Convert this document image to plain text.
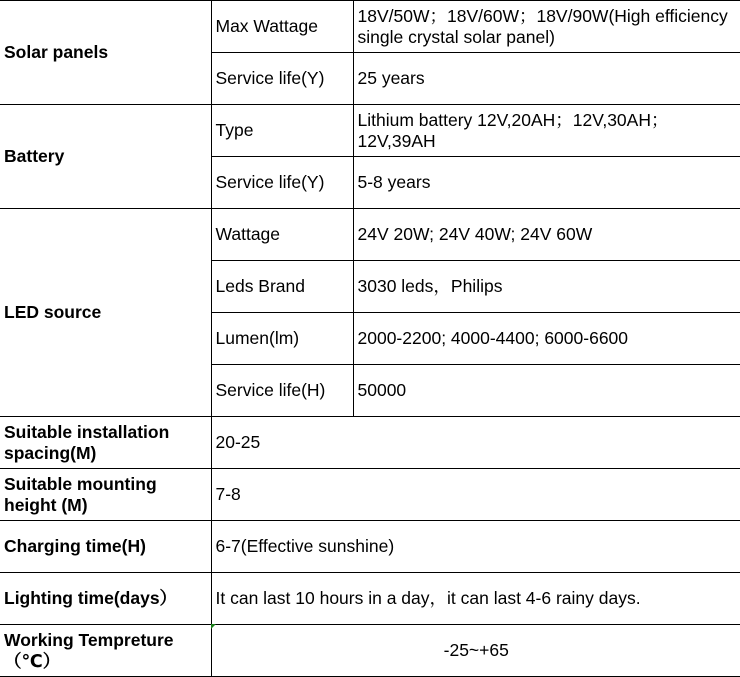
Solar panels	Max Wattage	18V/50W；18V/60W；18V/90W(High efficiency single crystal solar panel)
	Service life(Y)	25 years
Battery	Type	Lithium battery 12V,20AH；12V,30AH；12V,39AH
	Service life(Y)	5-8 years
LED source	Wattage	24V 20W; 24V 40W; 24V 60W
	Leds Brand	3030 leds，Philips
	Lumen(lm)	2000-2200; 4000-4400; 6000-6600
	Service life(H)	50000
Suitable installation spacing(M)	20-25	
Suitable mounting height (M)	7-8	
Charging time(H)	6-7(Effective sunshine)	
Lighting time(days）	It can last 10 hours in a day，it can last 4-6 rainy days.	
Working Tempreture （℃）	-25~+65	
